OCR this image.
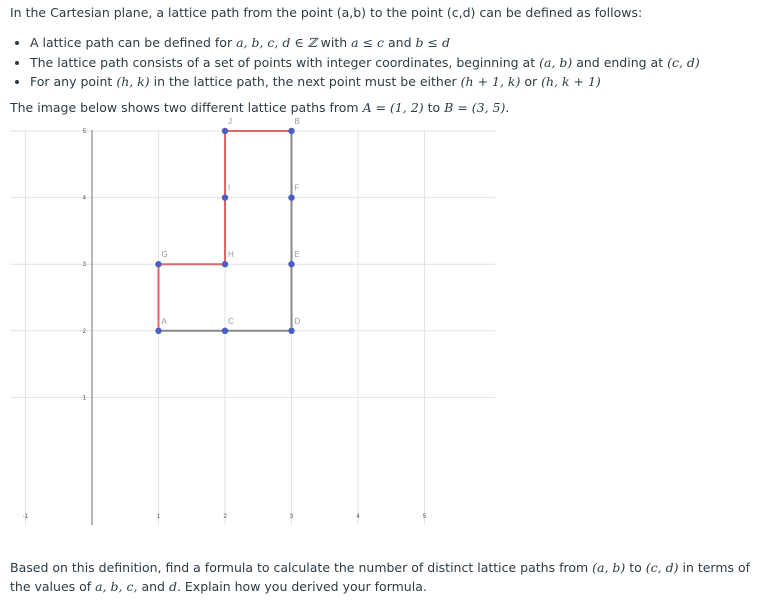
In the Cartesian plane, a lattice path from the point (a,b) to the point (c,d) can be defined as follows:
• A lattice path can be defined for a, b, c, d ∈ ℤ with a ≤ c and b ≤ d
• The lattice path consists of a set of points with integer coordinates, beginning at (a, b) and ending at (c, d)
• For any point (h, k) in the lattice path, the next point must be either (h + 1, k) or (h, k + 1)
The image below shows two different lattice paths from A = (1, 2) to B = (3, 5).
-1	1	2	3	4	5
1
2
3
4
5
A
G	H
I
J	B
C	D
E
F
Based on this definition, find a formula to calculate the number of distinct lattice paths from (a, b) to (c, d) in terms of the values of a, b, c, and d. Explain how you derived your formula.
